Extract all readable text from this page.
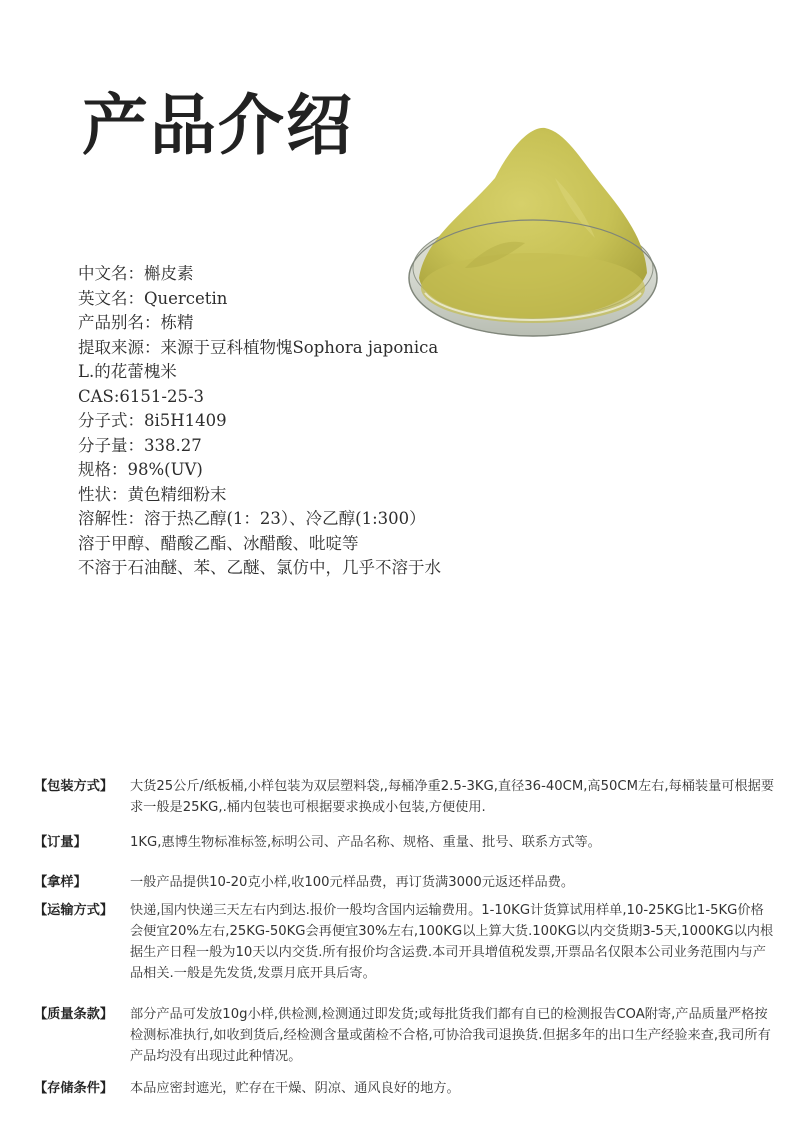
产品介绍
中文名：槲皮素
英文名：Quercetin
产品别名：栋精
提取来源：来源于豆科植物愧Sophora japonica
L.的花蕾槐米
CAS:6151-25-3
分子式：8i5H1409
分子量：338.27
规格：98%(UV)
性状：黄色精细粉末
溶解性：溶于热乙醇(1：23）、冷乙醇(1:300）
溶于甲醇、醋酸乙酯、冰醋酸、吡啶等
不溶于石油醚、苯、乙醚、氯仿中，几乎不溶于水
【包装方式】 大货25公斤/纸板桶,小样包装为双层塑料袋,,每桶净重2.5-3KG,直径36-40CM,高50CM左右,每桶装量可根据要求一般是25KG,.桶内包装也可根据要求换成小包装,方便使用.
【订量】	1KG,惠博生物标准标签,标明公司、产品名称、规格、重量、批号、联系方式等。
【拿样】	一般产品提供10-20克小样,收100元样品费，再订货满3000元返还样品费。
【运输方式】 快递,国内快递三天左右内到达.报价一般均含国内运输费用。1-10KG计货算试用样单,10-25KG比1-5KG价格会便宜20%左右,25KG-50KG会再便宜30%左右,100KG以上算大货.100KG以内交货期3-5天,1000KG以内根据生产日程一般为10天以内交货.所有报价均含运费.本司开具增值税发票,开票品名仅限本公司业务范围内与产品相关.一般是先发货,发票月底开具后寄。
【质量条款】 部分产品可发放10g小样,供检测,检测通过即发货;或每批货我们都有自已的检测报告COA附寄,产品质量严格按检测标准执行,如收到货后,经检测含量或菌检不合格,可协洽我司退换货.但据多年的出口生产经验来查,我司所有产品均没有出现过此种情况。
【存储条件】 本品应密封遮光，贮存在干燥、阴凉、通风良好的地方。
